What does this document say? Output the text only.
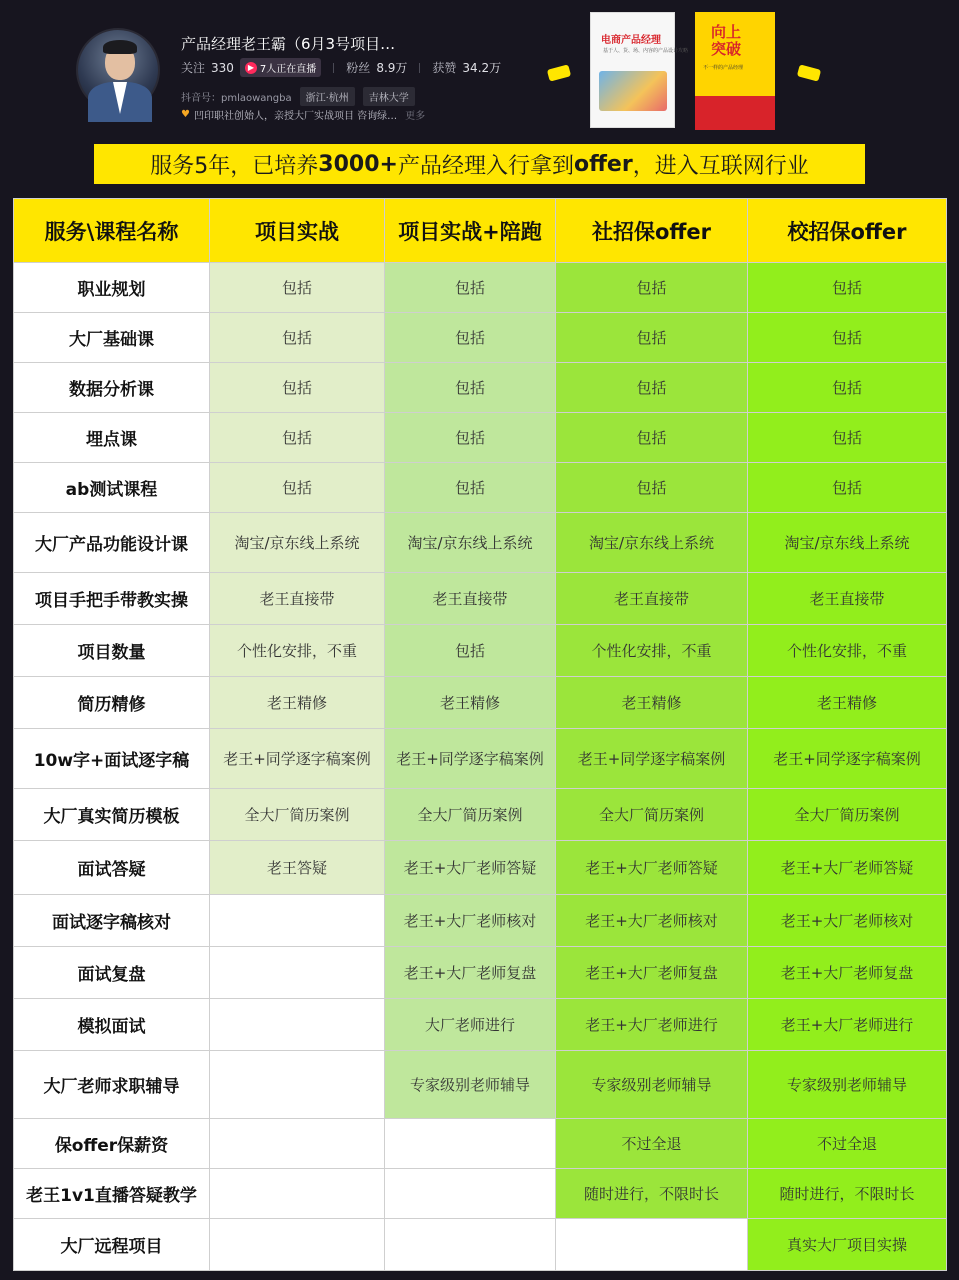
产品经理老王霸（6月3号项目…
关注 330	▶ 7人正在直播	粉丝 8.9万 获赞 34.2万
抖音号：pmlaowangba	浙江·杭州	吉林大学
♥ 凹印职社创始人，亲授大厂实战项目 咨询绿… 更多
电商产品经理
基于人、货、场、内容的产品设计攻略
向上突破
不一样的产品经理
服务5年，已培养 3000+ 产品经理入行拿到 offer ，进入互联网行业
服务\课程名称	项目实战	项目实战+陪跑	社招保offer	校招保offer
职业规划	包括	包括	包括	包括
大厂基础课	包括	包括	包括	包括
数据分析课	包括	包括	包括	包括
埋点课	包括	包括	包括	包括
ab测试课程	包括	包括	包括	包括
大厂产品功能设计课	淘宝/京东线上系统	淘宝/京东线上系统	淘宝/京东线上系统	淘宝/京东线上系统
项目手把手带教实操	老王直接带	老王直接带	老王直接带	老王直接带
项目数量	个性化安排，不重	包括	个性化安排，不重	个性化安排，不重
简历精修	老王精修	老王精修	老王精修	老王精修
10w字+面试逐字稿	老王+同学逐字稿案例	老王+同学逐字稿案例	老王+同学逐字稿案例	老王+同学逐字稿案例
大厂真实简历模板	全大厂简历案例	全大厂简历案例	全大厂简历案例	全大厂简历案例
面试答疑	老王答疑	老王+大厂老师答疑	老王+大厂老师答疑	老王+大厂老师答疑
面试逐字稿核对		老王+大厂老师核对	老王+大厂老师核对	老王+大厂老师核对
面试复盘		老王+大厂老师复盘	老王+大厂老师复盘	老王+大厂老师复盘
模拟面试		大厂老师进行	老王+大厂老师进行	老王+大厂老师进行
大厂老师求职辅导		专家级别老师辅导	专家级别老师辅导	专家级别老师辅导
保offer保薪资			不过全退	不过全退
老王1v1直播答疑教学			随时进行，不限时长	随时进行，不限时长
大厂远程项目				真实大厂项目实操
